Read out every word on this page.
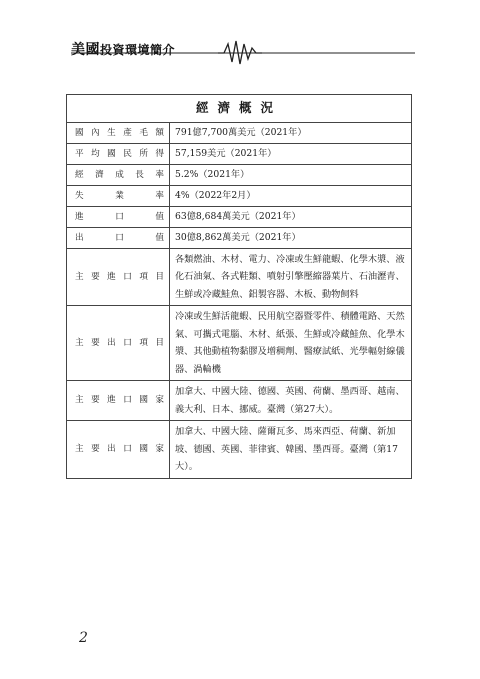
美國投資環境簡介
經濟概況	
國內生產毛額	791億7,700萬美元（2021年）
平均國民所得	57,159美元（2021年）
經濟成長率	5.2%（2021年）
失業率	4%（2022年2月）
進口值	63億8,684萬美元（2021年）
出口值	30億8,862萬美元（2021年）
主要進口項目	各類燃油、木材、電力、冷凍或生鮮龍蝦、化學木漿、液化石油氣、各式鞋類、噴射引擎壓縮器葉片、石油瀝青、生鮮或冷藏鮭魚、鋁製容器、木板、動物飼料
主要出口項目	冷凍或生鮮活龍蝦、民用航空器暨零件、積體電路、天然氣、可攜式電腦、木材、紙張、生鮮或冷藏鮭魚、化學木漿、其他動植物黏膠及增稠劑、醫療試紙、光學輻射線儀器、渦輪機
主要進口國家	加拿大、中國大陸、德國、英國、荷蘭、墨西哥、越南、義大利、日本、挪威。臺灣（第27大）。
主要出口國家	加拿大、中國大陸、薩爾瓦多、馬來西亞、荷蘭、新加坡、德國、英國、菲律賓、韓國、墨西哥。臺灣（第17大）。
2
